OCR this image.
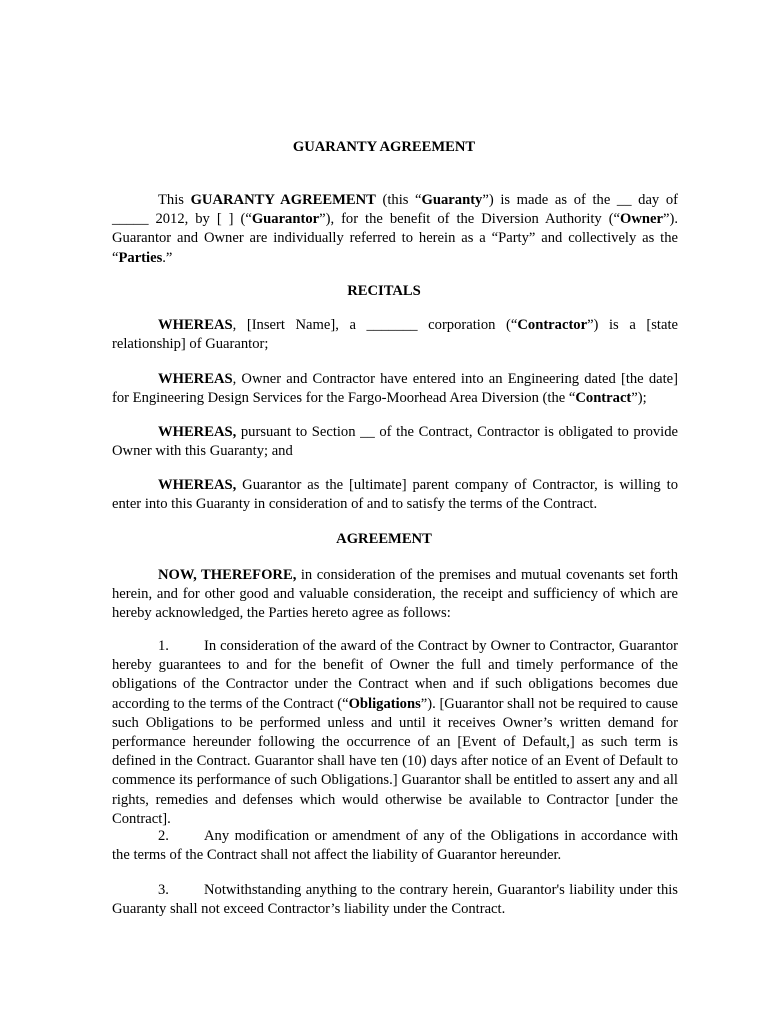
GUARANTY AGREEMENT

This GUARANTY AGREEMENT (this “Guaranty”) is made as of the __ day of _____ 2012, by [ ] (“Guarantor”), for the benefit of the Diversion Authority (“Owner”). Guarantor and Owner are individually referred to herein as a “Party” and collectively as the “Parties.”

RECITALS

WHEREAS, [Insert Name], a _______ corporation (“Contractor”) is a [state relationship] of Guarantor;

WHEREAS, Owner and Contractor have entered into an Engineering dated [the date] for Engineering Design Services for the Fargo-Moorhead Area Diversion (the “Contract”);

WHEREAS, pursuant to Section __ of the Contract, Contractor is obligated to provide Owner with this Guaranty; and

WHEREAS, Guarantor as the [ultimate] parent company of Contractor, is willing to enter into this Guaranty in consideration of and to satisfy the terms of the Contract.

AGREEMENT

NOW, THEREFORE, in consideration of the premises and mutual covenants set forth herein, and for other good and valuable consideration, the receipt and sufficiency of which are hereby acknowledged, the Parties hereto agree as follows:

1. In consideration of the award of the Contract by Owner to Contractor, Guarantor hereby guarantees to and for the benefit of Owner the full and timely performance of the obligations of the Contractor under the Contract when and if such obligations becomes due according to the terms of the Contract (“Obligations”). [Guarantor shall not be required to cause such Obligations to be performed unless and until it receives Owner’s written demand for performance hereunder following the occurrence of an [Event of Default,] as such term is defined in the Contract. Guarantor shall have ten (10) days after notice of an Event of Default to commence its performance of such Obligations.] Guarantor shall be entitled to assert any and all rights, remedies and defenses which would otherwise be available to Contractor [under the Contract].

2. Any modification or amendment of any of the Obligations in accordance with the terms of the Contract shall not affect the liability of Guarantor hereunder.

3. Notwithstanding anything to the contrary herein, Guarantor's liability under this Guaranty shall not exceed Contractor’s liability under the Contract.
